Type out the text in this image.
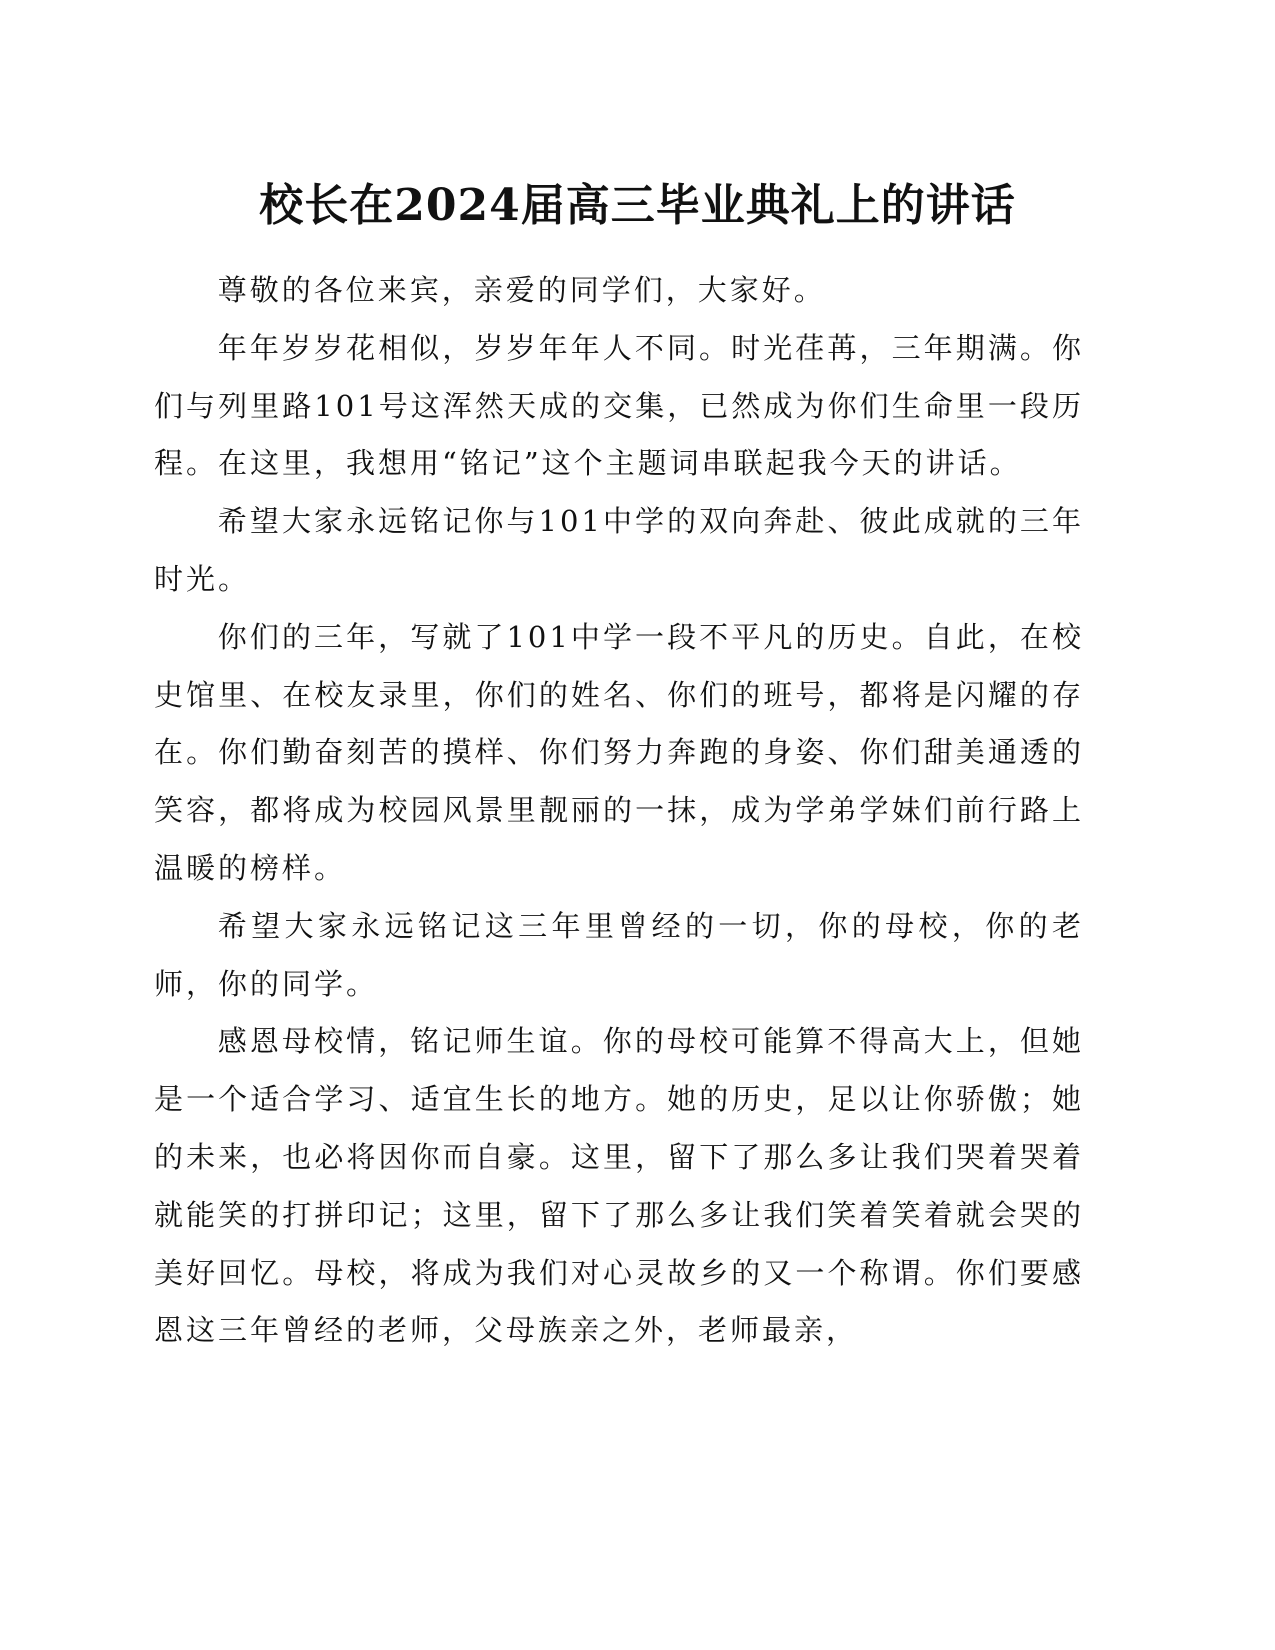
校长在2024届高三毕业典礼上的讲话

尊敬的各位来宾，亲爱的同学们，大家好。

年年岁岁花相似，岁岁年年人不同。时光荏苒，三年期满。你们与列里路101号这浑然天成的交集，已然成为你们生命里一段历程。在这里，我想用“铭记”这个主题词串联起我今天的讲话。

希望大家永远铭记你与101中学的双向奔赴、彼此成就的三年时光。

你们的三年，写就了101中学一段不平凡的历史。自此，在校史馆里、在校友录里，你们的姓名、你们的班号，都将是闪耀的存在。你们勤奋刻苦的摸样、你们努力奔跑的身姿、你们甜美通透的笑容，都将成为校园风景里靓丽的一抹，成为学弟学妹们前行路上温暖的榜样。

希望大家永远铭记这三年里曾经的一切，你的母校，你的老师，你的同学。

感恩母校情，铭记师生谊。你的母校可能算不得高大上，但她是一个适合学习、适宜生长的地方。她的历史，足以让你骄傲；她的未来，也必将因你而自豪。这里，留下了那么多让我们哭着哭着就能笑的打拼印记；这里，留下了那么多让我们笑着笑着就会哭的美好回忆。母校，将成为我们对心灵故乡的又一个称谓。你们要感恩这三年曾经的老师，父母族亲之外，老师最亲，
